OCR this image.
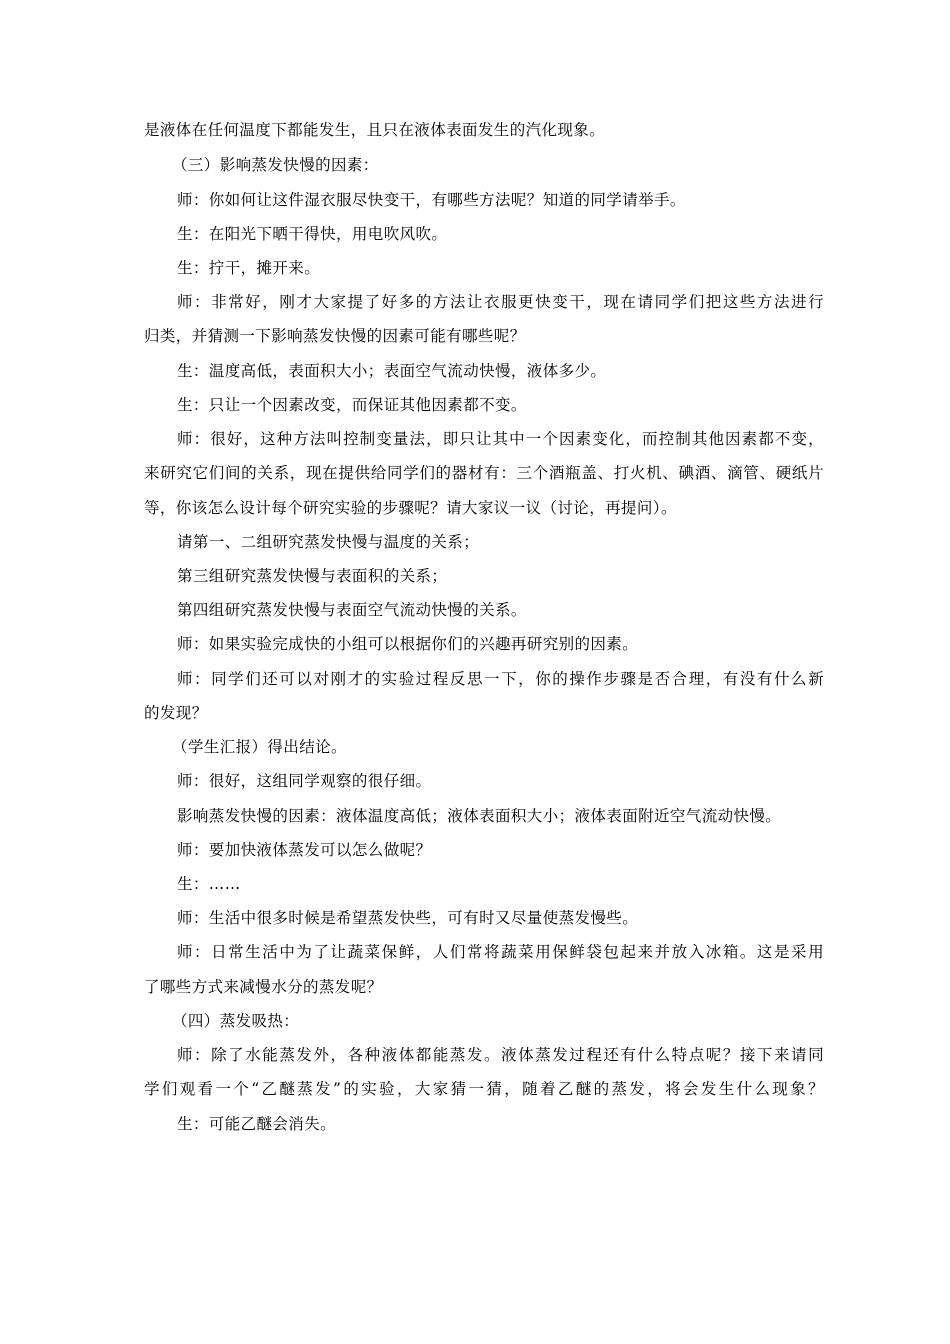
是液体在任何温度下都能发生，且只在液体表面发生的汽化现象。
（三）影响蒸发快慢的因素：
师：你如何让这件湿衣服尽快变干，有哪些方法呢？知道的同学请举手。
生：在阳光下晒干得快，用电吹风吹。
生：拧干，摊开来。
师：非常好，刚才大家提了好多的方法让衣服更快变干，现在请同学们把这些方法进行
归类，并猜测一下影响蒸发快慢的因素可能有哪些呢？
生：温度高低，表面积大小；表面空气流动快慢，液体多少。
生：只让一个因素改变，而保证其他因素都不变。
师：很好，这种方法叫控制变量法，即只让其中一个因素变化，而控制其他因素都不变，
来研究它们间的关系，现在提供给同学们的器材有：三个酒瓶盖、打火机、碘酒、滴管、硬纸片
等，你该怎么设计每个研究实验的步骤呢？请大家议一议（讨论，再提问）。
请第一、二组研究蒸发快慢与温度的关系；
第三组研究蒸发快慢与表面积的关系；
第四组研究蒸发快慢与表面空气流动快慢的关系。
师：如果实验完成快的小组可以根据你们的兴趣再研究别的因素。
师：同学们还可以对刚才的实验过程反思一下，你的操作步骤是否合理，有没有什么新
的发现？
（学生汇报）得出结论。
师：很好，这组同学观察的很仔细。
影响蒸发快慢的因素：液体温度高低；液体表面积大小；液体表面附近空气流动快慢。
师：要加快液体蒸发可以怎么做呢？
生：……
师：生活中很多时候是希望蒸发快些，可有时又尽量使蒸发慢些。
师：日常生活中为了让蔬菜保鲜，人们常将蔬菜用保鲜袋包起来并放入冰箱。这是采用
了哪些方式来减慢水分的蒸发呢？
（四）蒸发吸热：
师：除了水能蒸发外，各种液体都能蒸发。液体蒸发过程还有什么特点呢？接下来请同
学们观看一个“乙醚蒸发”的实验，大家猜一猜，随着乙醚的蒸发，将会发生什么现象？
生：可能乙醚会消失。
